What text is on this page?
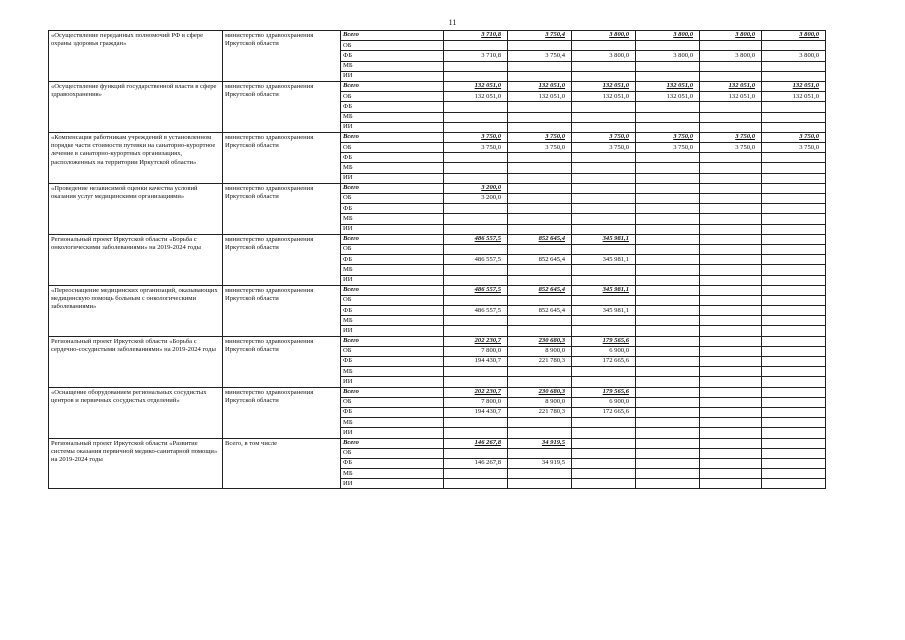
11
«Осуществление переданных полномочий РФ в сфере охраны здоровья граждан»	министерство здравоохранения Иркутской области	Всего	3 710,8	3 750,4	3 800,0	3 800,0	3 800,0	3 800,0
		ОБ						
		ФБ	3 710,8	3 750,4	3 800,0	3 800,0	3 800,0	3 800,0
		МБ						
		ИИ						
«Осуществление функций государственной власти в сфере здравоохранения»	министерство здравоохранения Иркутской области	Всего	132 051,0	132 051,0	132 051,0	132 051,0	132 051,0	132 051,0
		ОБ	132 051,0	132 051,0	132 051,0	132 051,0	132 051,0	132 051,0
		ФБ						
		МБ						
		ИИ						
«Компенсация работникам учреждений в установленном порядке части стоимости путевки на санаторно-курортное лечение в санаторно-курортных организациях, расположенных на территории Иркутской области»	министерство здравоохранения Иркутской области	Всего	3 750,0	3 750,0	3 750,0	3 750,0	3 750,0	3 750,0
		ОБ	3 750,0	3 750,0	3 750,0	3 750,0	3 750,0	3 750,0
		ФБ						
		МБ						
		ИИ						
«Проведение независимой оценки качества условий оказания услуг медицинскими организациями»	министерство здравоохранения Иркутской области	Всего	3 200,0					
		ОБ	3 200,0					
		ФБ						
		МБ						
		ИИ						
Региональный проект Иркутской области «Борьба с онкологическими заболеваниями» на 2019-2024 годы	министерство здравоохранения Иркутской области	Всего	486 557,5	852 645,4	345 981,1			
		ОБ						
		ФБ	486 557,5	852 645,4	345 981,1			
		МБ						
		ИИ						
«Переоснащение медицинских организаций, оказывающих медицинскую помощь больным с онкологическими заболеваниями»	министерство здравоохранения Иркутской области	Всего	486 557,5	852 645,4	345 981,1			
		ОБ						
		ФБ	486 557,5	852 645,4	345 981,1			
		МБ						
		ИИ						
Региональный проект Иркутской области «Борьба с сердечно-сосудистыми заболеваниями» на 2019-2024 годы	министерство здравоохранения Иркутской области	Всего	202 230,7	230 680,3	179 565,6			
		ОБ	7 800,0	8 900,0	6 900,0			
		ФБ	194 430,7	221 780,3	172 665,6			
		МБ						
		ИИ						
«Оснащение оборудованием региональных сосудистых центров и первичных сосудистых отделений»	министерство здравоохранения Иркутской области	Всего	202 230,7	230 680,3	179 565,6			
		ОБ	7 800,0	8 900,0	6 900,0			
		ФБ	194 430,7	221 780,3	172 665,6			
		МБ						
		ИИ						
Региональный проект Иркутской области «Развитие системы оказания первичной медико-санитарной помощи» на 2019-2024 годы	Всего, в том числе	Всего	146 267,8	34 919,5				
		ОБ						
		ФБ	146 267,8	34 919,5				
		МБ						
		ИИ						
